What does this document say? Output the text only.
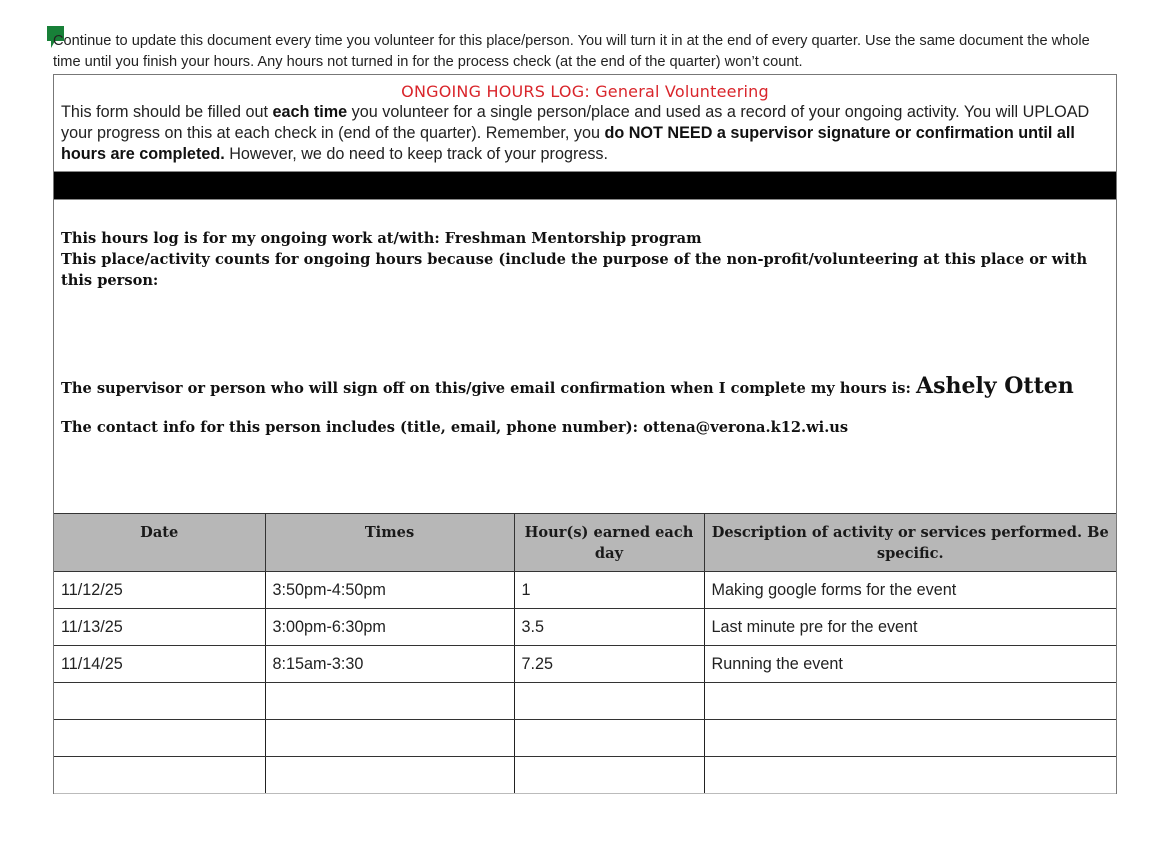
Continue to update this document every time you volunteer for this place/person. You will turn it in at the end of every quarter. Use the same document the whole time until you finish your hours. Any hours not turned in for the process check (at the end of the quarter) won’t count.
ONGOING HOURS LOG: General Volunteering
This form should be filled out each time you volunteer for a single person/place and used as a record of your ongoing activity. You will UPLOAD your progress on this at each check in (end of the quarter). Remember, you do NOT NEED a supervisor signature or confirmation until all hours are completed. However, we do need to keep track of your progress.

This hours log is for my ongoing work at/with: Freshman Mentorship program

This place/activity counts for ongoing hours because (include the purpose of the non-profit/volunteering at this place or with this person:

The supervisor or person who will sign off on this/give email confirmation when I complete my hours is: Ashely Otten

The contact info for this person includes (title, email, phone number): ottena@verona.k12.wi.us

Date	Times	Hour(s) earned each day	Description of activity or services performed. Be specific.
11/12/25	3:50pm-4:50pm	1	Making google forms for the event
11/13/25	3:00pm-6:30pm	3.5	Last minute pre for the event
11/14/25	8:15am-3:30	7.25	Running the event
